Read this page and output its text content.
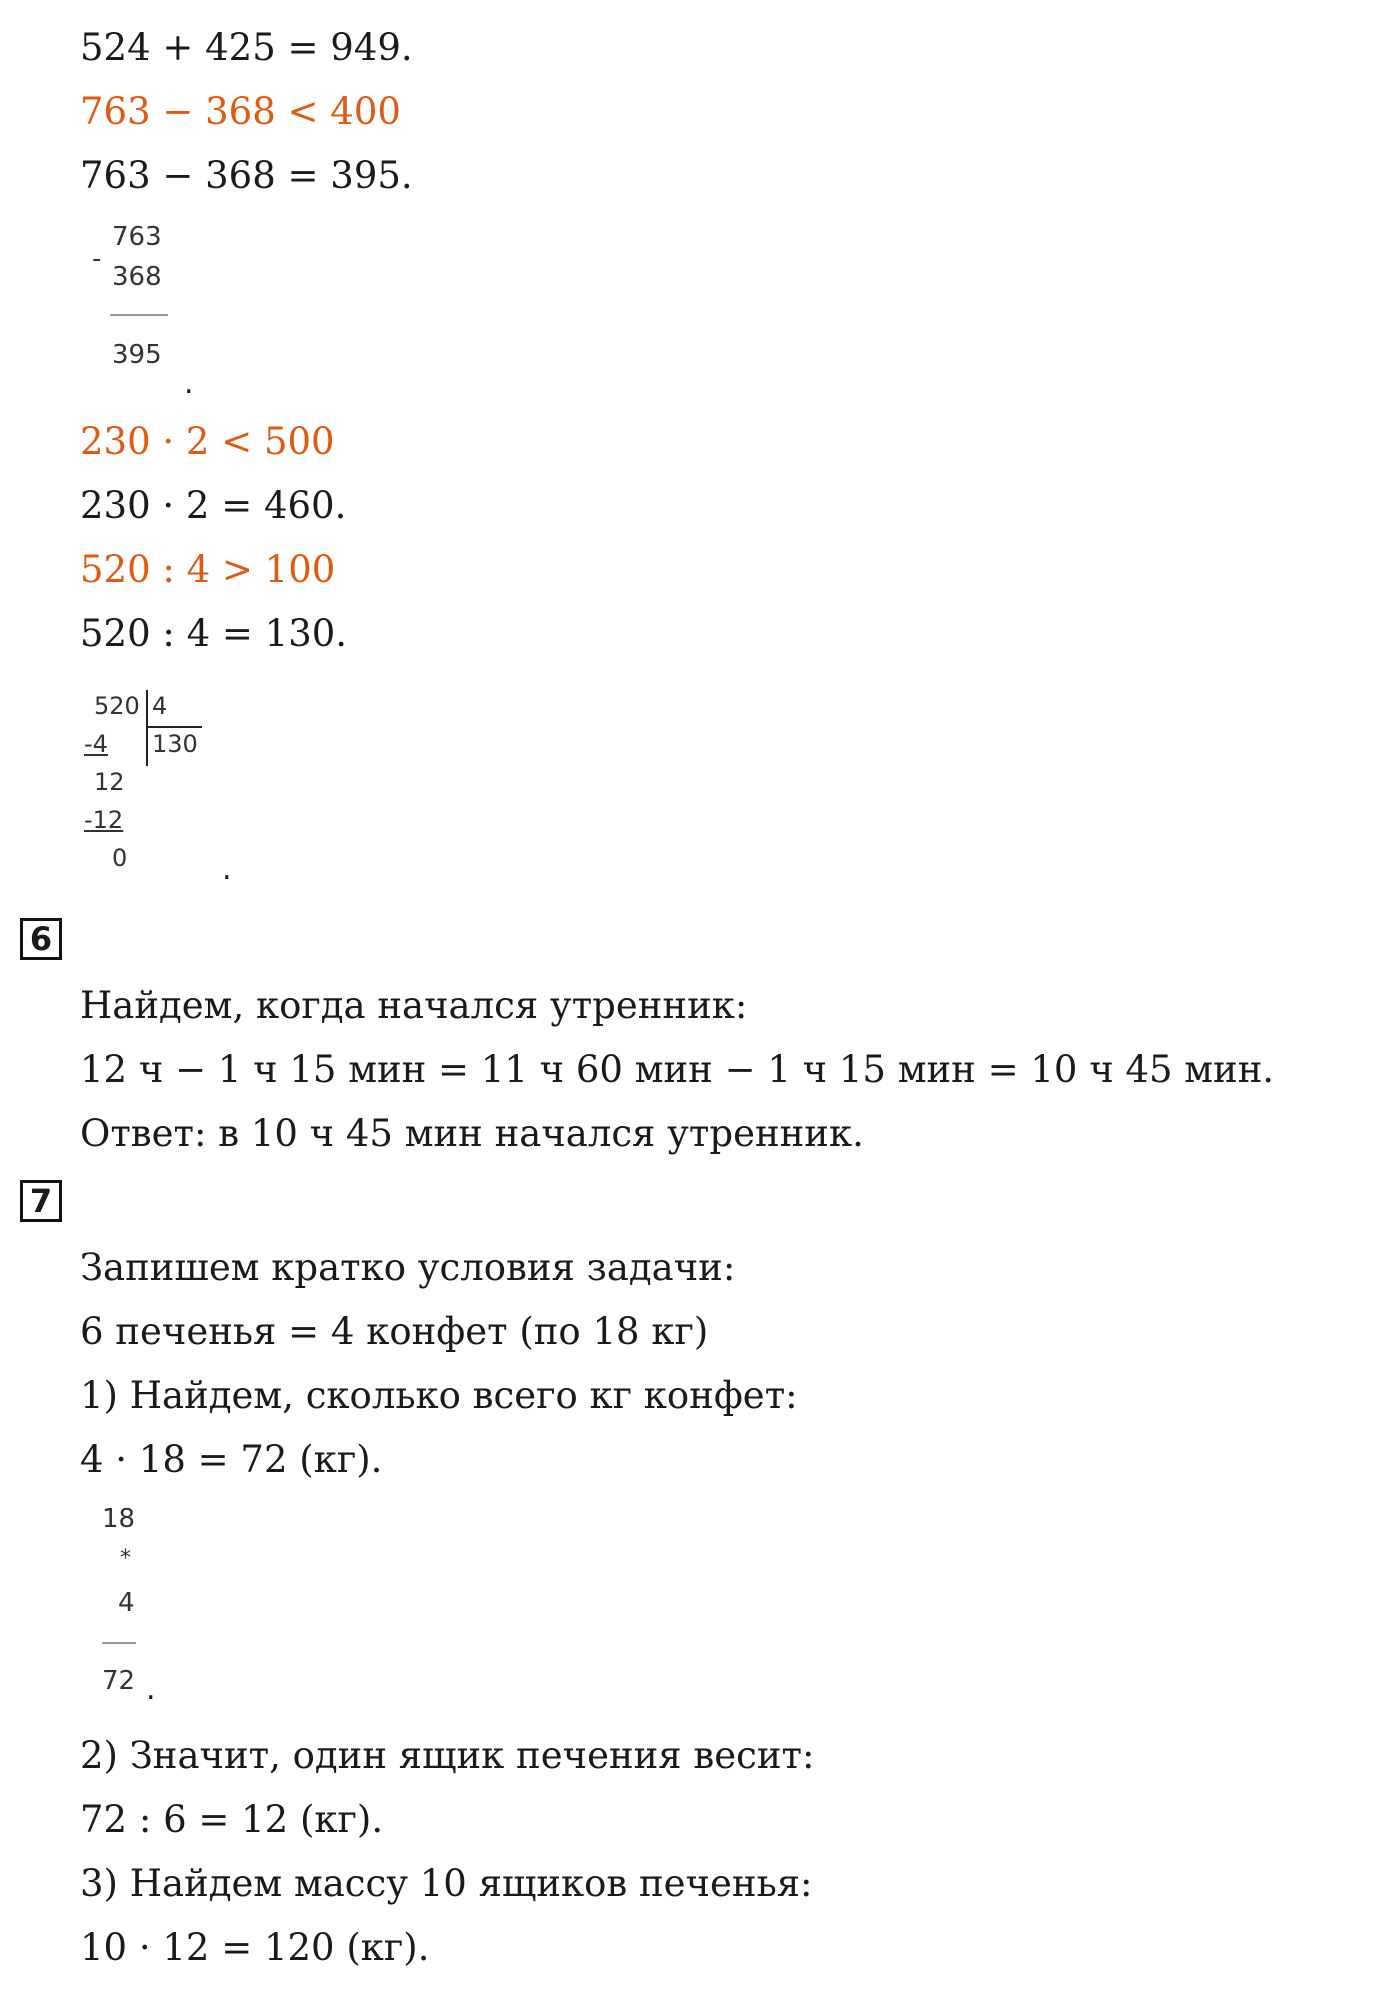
524 + 425 = 949.
763 − 368 < 400
763 − 368 = 395.
763
-
368
395
.
230 · 2 < 500
230 · 2 = 460.
520 : 4 > 100
520 : 4 = 130.
520 4
130
-4
12
-12
0	.
6
Найдем, когда начался утренник:
12 ч − 1 ч 15 мин = 11 ч 60 мин − 1 ч 15 мин = 10 ч 45 мин.
Ответ: в 10 ч 45 мин начался утренник.
7
Запишем кратко условия задачи:
6 печенья = 4 конфет (по 18 кг)
1) Найдем, сколько всего кг конфет:
4 · 18 = 72 (кг).
18
*
4
72 .
2) Значит, один ящик печения весит:
72 : 6 = 12 (кг).
3) Найдем массу 10 ящиков печенья:
10 · 12 = 120 (кг).
